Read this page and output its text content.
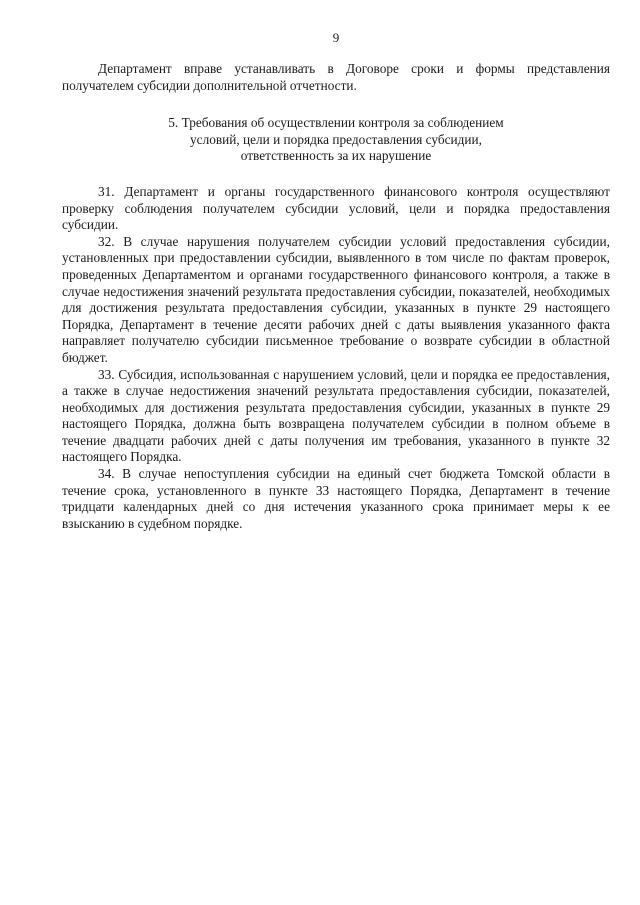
9

Департамент вправе устанавливать в Договоре сроки и формы представления получателем субсидии дополнительной отчетности.

5. Требования об осуществлении контроля за соблюдением
условий, цели и порядка предоставления субсидии,
ответственность за их нарушение

31. Департамент и органы государственного финансового контроля осуществляют проверку соблюдения получателем субсидии условий, цели и порядка предоставления субсидии.

32. В случае нарушения получателем субсидии условий предоставления субсидии, установленных при предоставлении субсидии, выявленного в том числе по фактам проверок, проведенных Департаментом и органами государственного финансового контроля, а также в случае недостижения значений результата предоставления субсидии, показателей, необходимых для достижения результата предоставления субсидии, указанных в пункте 29 настоящего Порядка, Департамент в течение десяти рабочих дней с даты выявления указанного факта направляет получателю субсидии письменное требование о возврате субсидии в областной бюджет.

33. Субсидия, использованная с нарушением условий, цели и порядка ее предоставления, а также в случае недостижения значений результата предоставления субсидии, показателей, необходимых для достижения результата предоставления субсидии, указанных в пункте 29 настоящего Порядка, должна быть возвращена получателем субсидии в полном объеме в течение двадцати рабочих дней с даты получения им требования, указанного в пункте 32 настоящего Порядка.

34. В случае непоступления субсидии на единый счет бюджета Томской области в течение срока, установленного в пункте 33 настоящего Порядка, Департамент в течение тридцати календарных дней со дня истечения указанного срока принимает меры к ее взысканию в судебном порядке.
